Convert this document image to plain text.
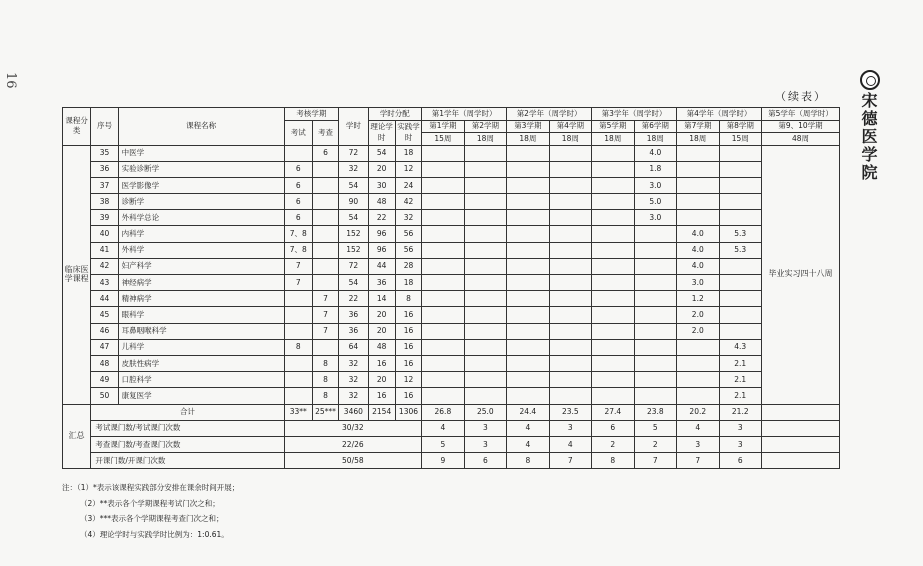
16
（续表） 宋德医学院
课程分类	序号	课程名称	考核学期		学时	学时分配		第1学年（周学时）		第2学年（周学时）		第3学年（周学时）		第4学年（周学时）		第5学年（周学时）
			考试	考查		理论学时	实践学时	第1学期	第2学期	第3学期	第4学期	第5学期	第6学期	第7学期	第8学期	第9、10学期
								15周	18周	18周	18周	18周	18周	18周	15周	48周
临床医学课程	35	中医学		6	72	54	18						4.0			毕业实习四十八周
	36	实验诊断学	6		32	20	12						1.8			
	37	医学影像学	6		54	30	24						3.0			
	38	诊断学	6		90	48	42						5.0			
	39	外科学总论	6		54	22	32						3.0			
	40	内科学	7、8		152	96	56							4.0	5.3	
	41	外科学	7、8		152	96	56							4.0	5.3	
	42	妇产科学	7		72	44	28							4.0		
	43	神经病学	7		54	36	18							3.0		
	44	精神病学		7	22	14	8							1.2		
	45	眼科学		7	36	20	16							2.0		
	46	耳鼻咽喉科学		7	36	20	16							2.0		
	47	儿科学	8		64	48	16								4.3	
	48	皮肤性病学		8	32	16	16								2.1	
	49	口腔科学		8	32	20	12								2.1	
	50	康复医学		8	32	16	16								2.1	
汇总	合计		33**	25***	3460	2154	1306	26.8	25.0	24.4	23.5	27.4	23.8	20.2	21.2	
	考试课门数/考试课门次数		30/32					4	3	4	3	6	5	4	3	
	考查课门数/考查课门次数		22/26					5	3	4	4	2	2	3	3	
	开课门数/开课门次数		50/58					9	6	8	7	8	7	7	6	
注：（1）*表示该课程实践部分安排在课余时间开展；
（2）**表示各个学期课程考试门次之和；
（3）***表示各个学期课程考查门次之和；
（4）理论学时与实践学时比例为：1:0.61。
